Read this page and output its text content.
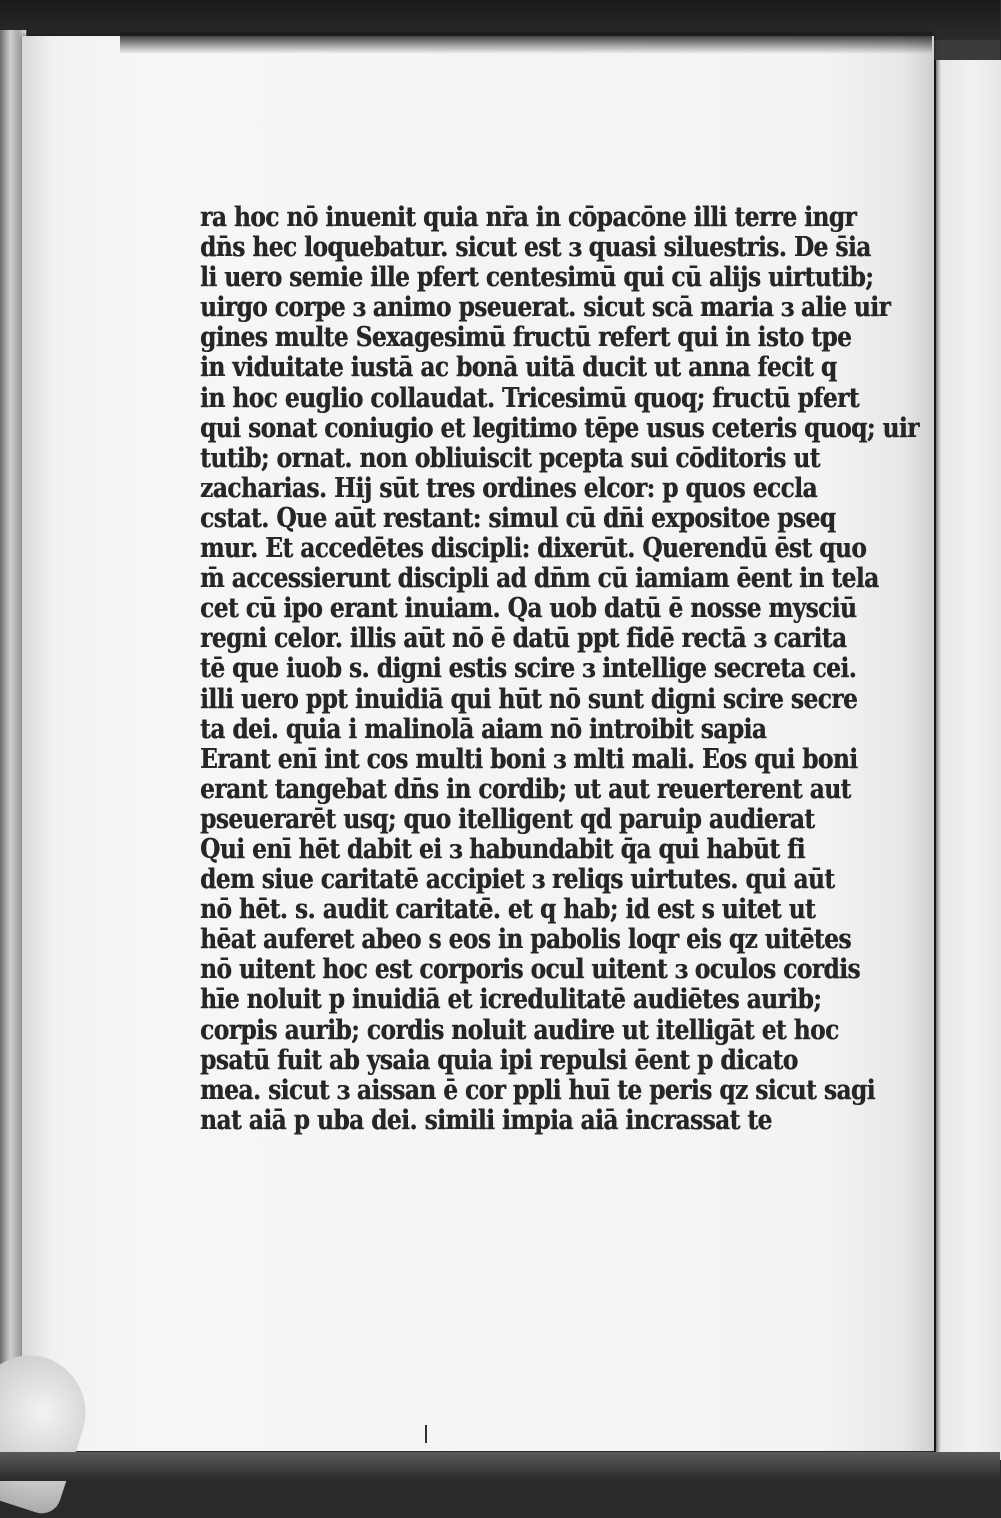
ra hoc nō inuenit quia nr̄a in cōpacōne illi terre ingr
dn̄s hec loquebatur. sicut est ɜ quasi siluestris. De s̄ia
li uero semie ille pfert centesimū qui cū alijs uirtutib;
uirgo corpe ɜ animo pseuerat. sicut scā maria ɜ alie uir
gines multe Sexagesimū fructū refert qui in isto tpe
in viduitate iustā ac bonā uitā ducit ut anna fecit q
in hoc euglio collaudat. Tricesimū quoq; fructū pfert
qui sonat coniugio et legitimo tēpe usus ceteris quoq; uir
tutib; ornat. non obliuiscit pcepta sui cōditoris ut
zacharias. Hij sūt tres ordines elcor: p quos eccla
cstat. Que aūt restant: simul cū dn̄i expositoe pseq
mur. Et accedētes discipli: dixerūt. Querendū ēst quo
m̄ accessierunt discipli ad dn̄m cū iamiam ēent in tela
cet cū ipo erant inuiam. Qa uob datū ē nosse mysciū
regni celor. illis aūt nō ē datū ppt fidē rectā ɜ carita
tē que iuob s. digni estis scire ɜ intellige secreta cei.
illi uero ppt inuidiā qui hūt nō sunt digni scire secre
ta dei. quia i malinolā aiam nō introibit sapia
Erant enī int cos multi boni ɜ mlti mali. Eos qui boni
erant tangebat dn̄s in cordib; ut aut reuerterent aut
pseuerarēt usq; quo itelligent qd paruip audierat
Qui enī hēt dabit ei ɜ habundabit q̄a qui habūt fi
dem siue caritatē accipiet ɜ reliqs uirtutes. qui aūt
nō hēt. s. audit caritatē. et q hab; id est s uitet ut
hēat auferet abeo s eos in pabolis loqr eis qz uitētes
nō uitent hoc est corporis ocul uitent ɜ oculos cordis
hīe noluit p inuidiā et icredulitatē audiētes aurib;
corpis aurib; cordis noluit audire ut itelligāt et hoc
psatū fuit ab ysaia quia ipi repulsi ēent p dicato
mea. sicut ɜ aissan ē cor ppli huī te peris qz sicut sagi
nat aiā p uba dei. simili impia aiā incrassat te
